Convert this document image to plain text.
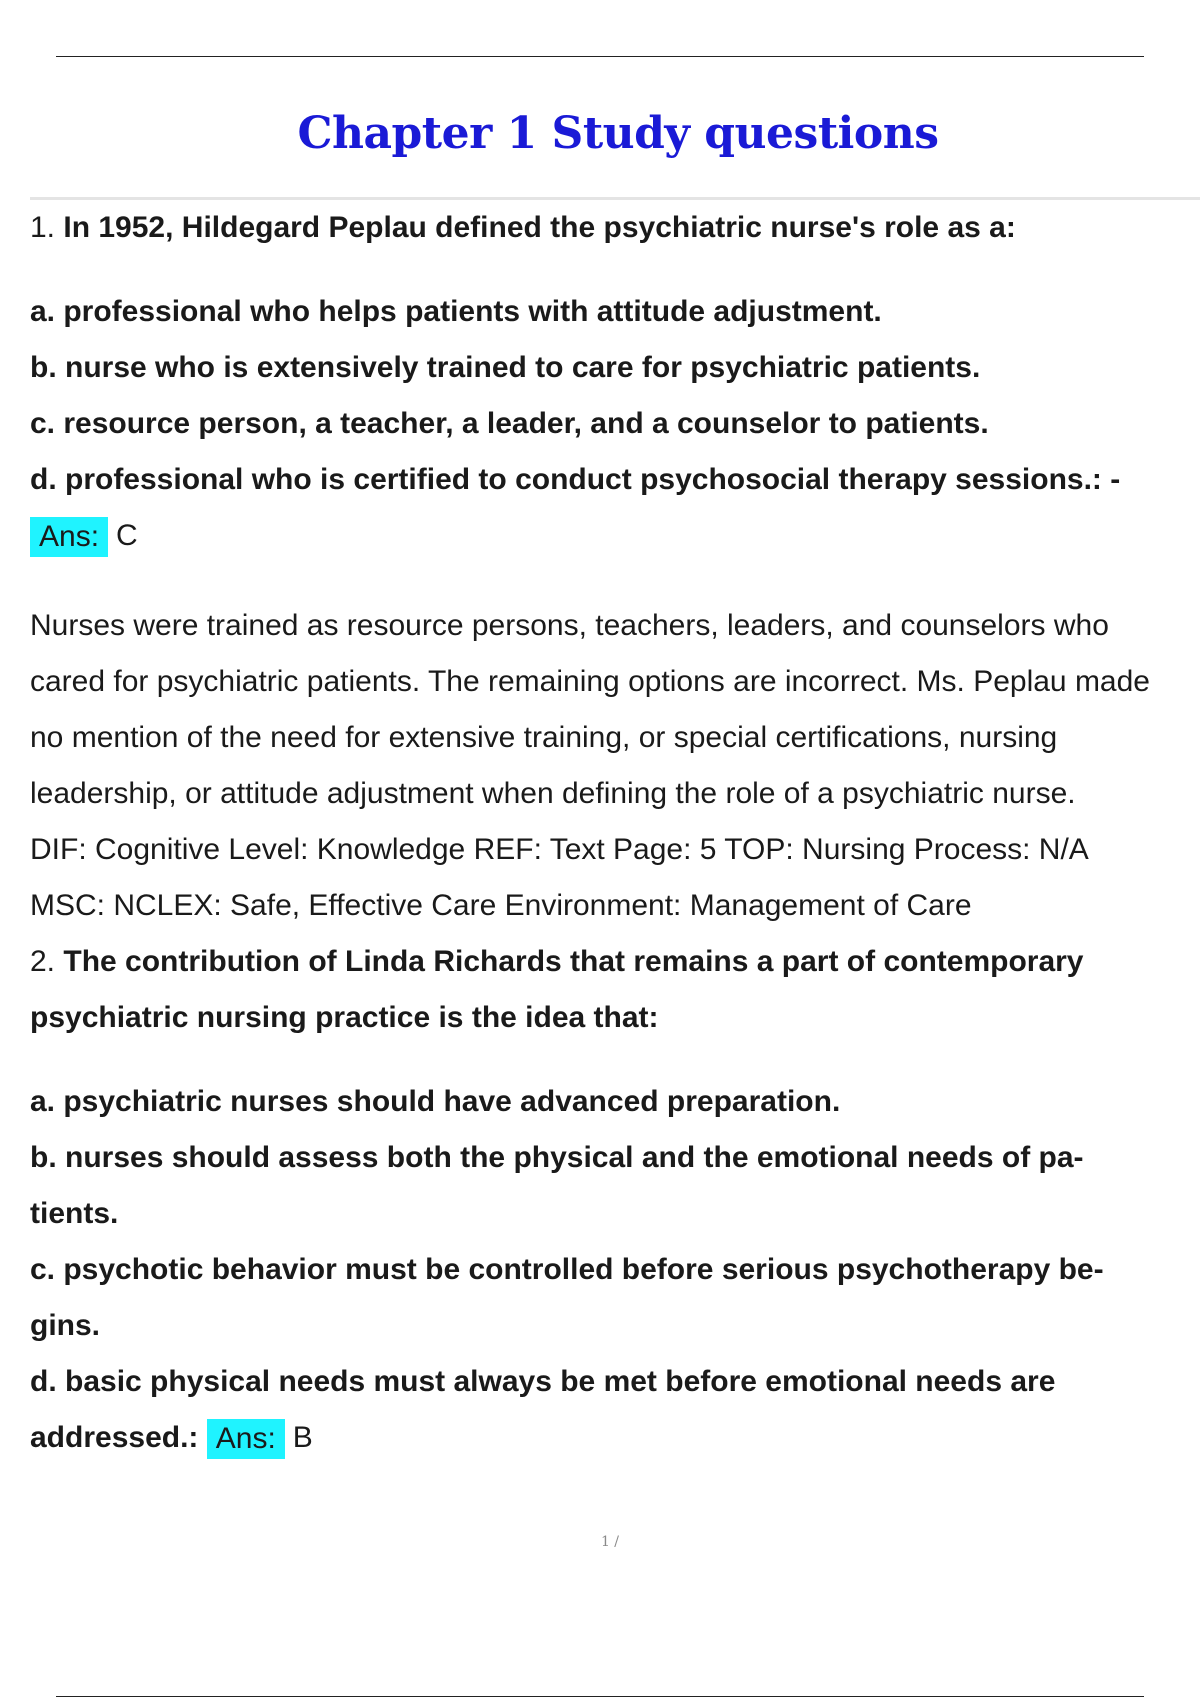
Chapter 1 Study questions
1. In 1952, Hildegard Peplau defined the psychiatric nurse's role as a:
a. professional who helps patients with attitude adjustment.
b. nurse who is extensively trained to care for psychiatric patients.
c. resource person, a teacher, a leader, and a counselor to patients.
d. professional who is certified to conduct psychosocial therapy sessions.: -
Ans: C
Nurses were trained as resource persons, teachers, leaders, and counselors who
cared for psychiatric patients. The remaining options are incorrect. Ms. Peplau made
no mention of the need for extensive training, or special certifications, nursing
leadership, or attitude adjustment when defining the role of a psychiatric nurse.
DIF: Cognitive Level: Knowledge REF: Text Page: 5 TOP: Nursing Process: N/A
MSC: NCLEX: Safe, Effective Care Environment: Management of Care
2. The contribution of Linda Richards that remains a part of contemporary
psychiatric nursing practice is the idea that:
a. psychiatric nurses should have advanced preparation.
b. nurses should assess both the physical and the emotional needs of pa-
tients.
c. psychotic behavior must be controlled before serious psychotherapy be-
gins.
d. basic physical needs must always be met before emotional needs are
addressed.: Ans: B
1 /
